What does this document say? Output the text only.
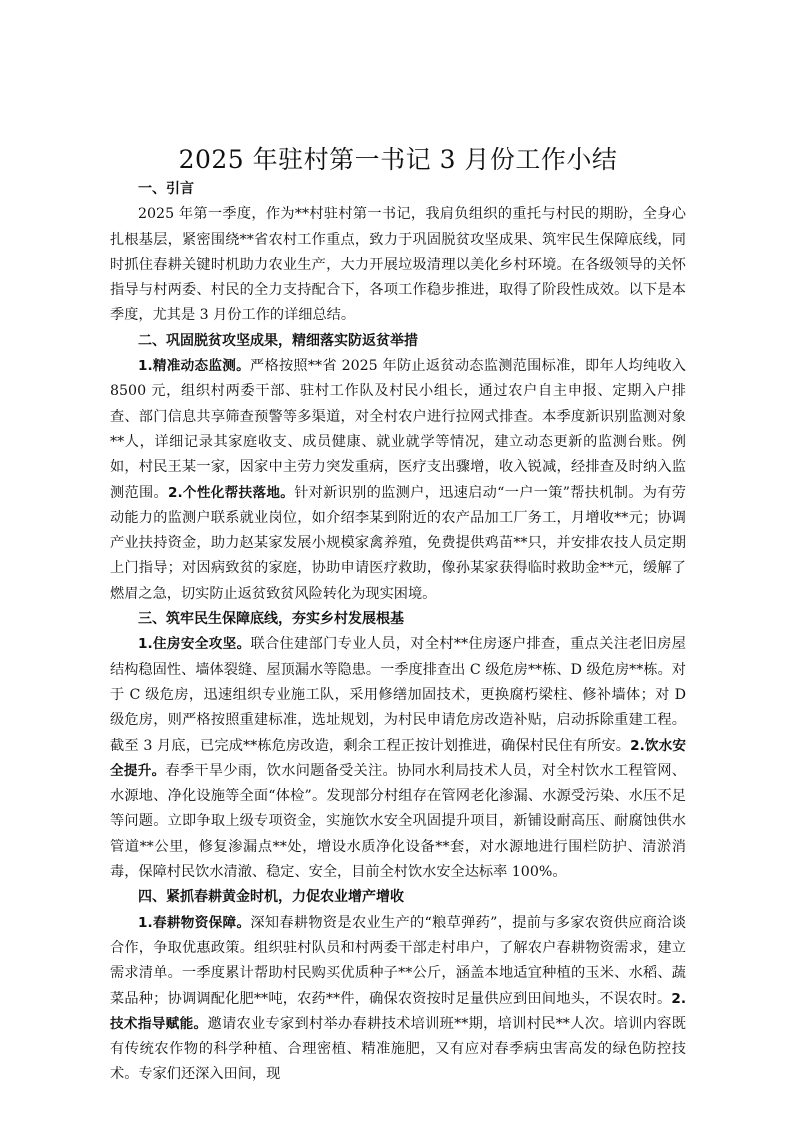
2025 年驻村第一书记 3 月份工作小结
一、引言

2025 年第一季度，作为**村驻村第一书记，我肩负组织的重托与村民的期盼，全身心扎根基层，紧密围绕**省农村工作重点，致力于巩固脱贫攻坚成果、筑牢民生保障底线，同时抓住春耕关键时机助力农业生产，大力开展垃圾清理以美化乡村环境。在各级领导的关怀指导与村两委、村民的全力支持配合下，各项工作稳步推进，取得了阶段性成效。以下是本季度，尤其是 3 月份工作的详细总结。

二、巩固脱贫攻坚成果，精细落实防返贫举措

1.精准动态监测。严格按照**省 2025 年防止返贫动态监测范围标准，即年人均纯收入 8500 元，组织村两委干部、驻村工作队及村民小组长，通过农户自主申报、定期入户排查、部门信息共享筛查预警等多渠道，对全村农户进行拉网式排查。本季度新识别监测对象**人，详细记录其家庭收支、成员健康、就业就学等情况，建立动态更新的监测台账。例如，村民王某一家，因家中主劳力突发重病，医疗支出骤增，收入锐减，经排查及时纳入监测范围。2.个性化帮扶落地。针对新识别的监测户，迅速启动“一户一策”帮扶机制。为有劳动能力的监测户联系就业岗位，如介绍李某到附近的农产品加工厂务工，月增收**元；协调产业扶持资金，助力赵某家发展小规模家禽养殖，免费提供鸡苗**只，并安排农技人员定期上门指导；对因病致贫的家庭，协助申请医疗救助，像孙某家获得临时救助金**元，缓解了燃眉之急，切实防止返贫致贫风险转化为现实困境。

三、筑牢民生保障底线，夯实乡村发展根基

1.住房安全攻坚。联合住建部门专业人员，对全村**住房逐户排查，重点关注老旧房屋结构稳固性、墙体裂缝、屋顶漏水等隐患。一季度排查出 C 级危房**栋、D 级危房**栋。对于 C 级危房，迅速组织专业施工队，采用修缮加固技术，更换腐朽梁柱、修补墙体；对 D 级危房，则严格按照重建标准，选址规划，为村民申请危房改造补贴，启动拆除重建工程。截至 3 月底，已完成**栋危房改造，剩余工程正按计划推进，确保村民住有所安。2.饮水安全提升。春季干旱少雨，饮水问题备受关注。协同水利局技术人员，对全村饮水工程管网、水源地、净化设施等全面“体检”。发现部分村组存在管网老化渗漏、水源受污染、水压不足等问题。立即争取上级专项资金，实施饮水安全巩固提升项目，新铺设耐高压、耐腐蚀供水管道**公里，修复渗漏点**处，增设水质净化设备**套，对水源地进行围栏防护、清淤消毒，保障村民饮水清澈、稳定、安全，目前全村饮水安全达标率 100%。

四、紧抓春耕黄金时机，力促农业增产增收

1.春耕物资保障。深知春耕物资是农业生产的“粮草弹药”，提前与多家农资供应商洽谈合作，争取优惠政策。组织驻村队员和村两委干部走村串户，了解农户春耕物资需求，建立需求清单。一季度累计帮助村民购买优质种子**公斤，涵盖本地适宜种植的玉米、水稻、蔬菜品种；协调调配化肥**吨，农药**件，确保农资按时足量供应到田间地头，不误农时。2.技术指导赋能。邀请农业专家到村举办春耕技术培训班**期，培训村民**人次。培训内容既有传统农作物的科学种植、合理密植、精准施肥，又有应对春季病虫害高发的绿色防控技术。专家们还深入田间，现
